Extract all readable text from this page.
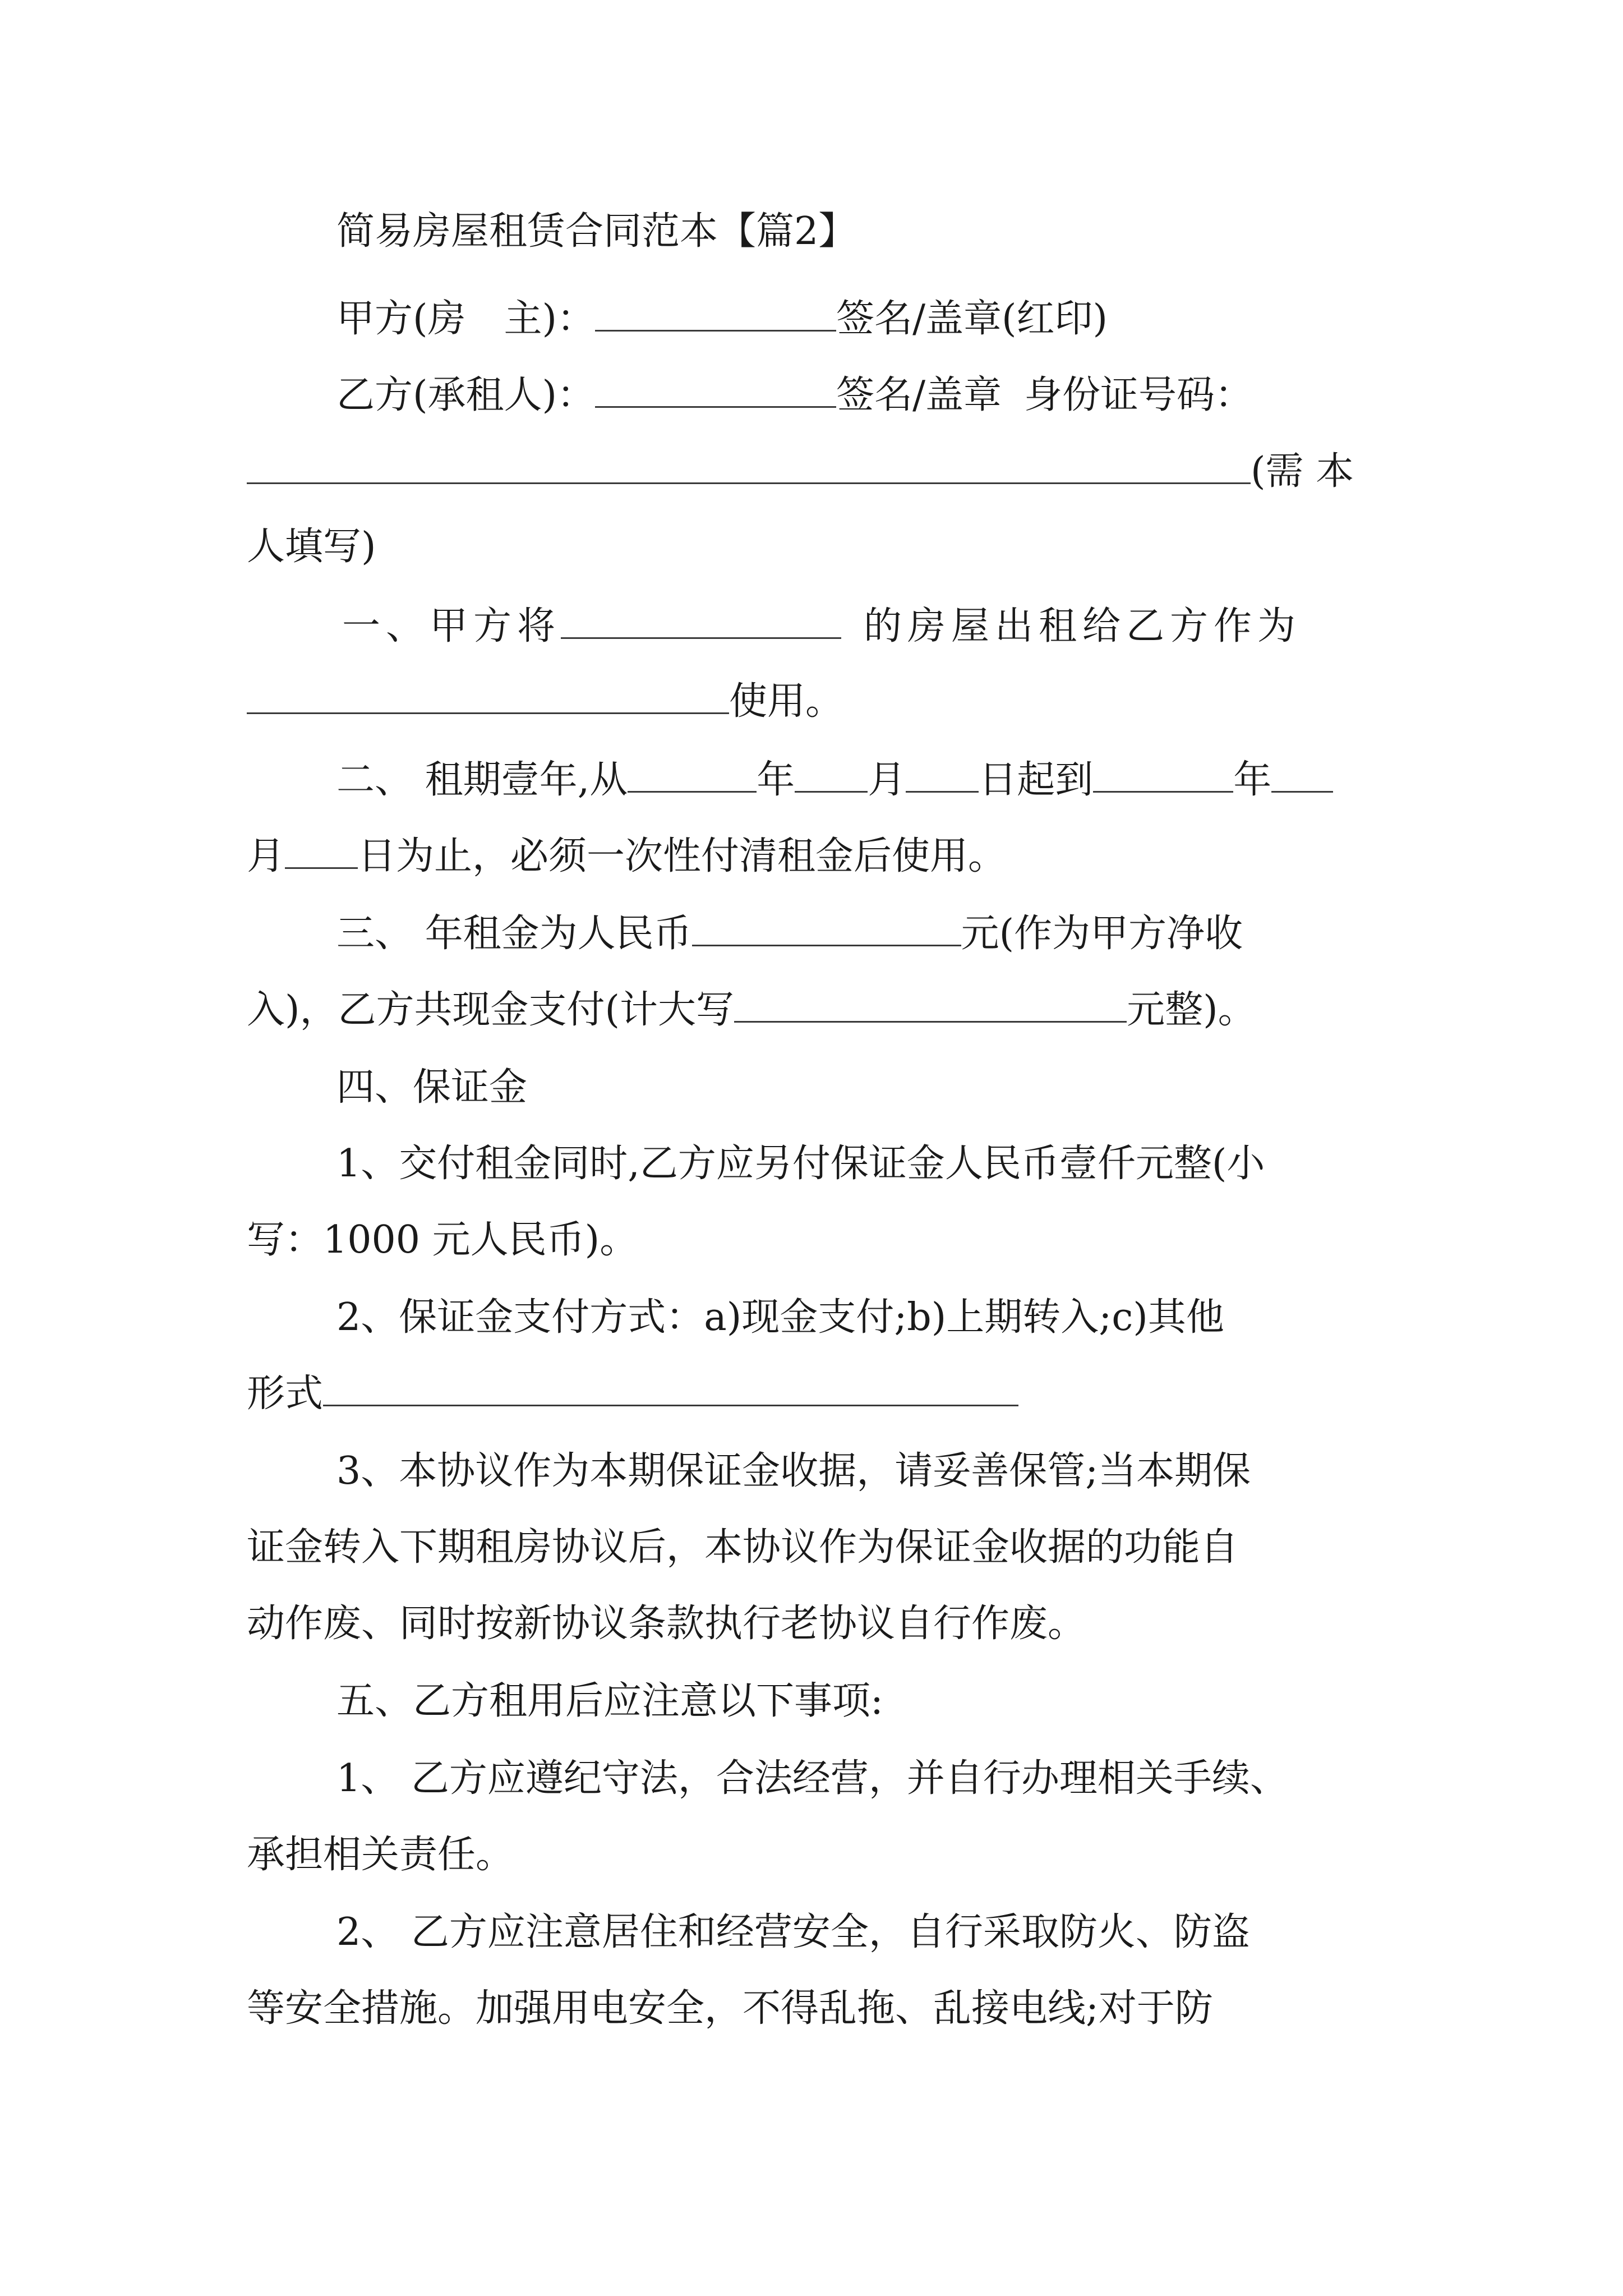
简易房屋租赁合同范本【篇2】
甲方(房　主)：	签名/盖章(红印)
乙方(承租人)：	签名/盖章 身份证号码：
(需 本
人填写)
一、甲方将	的房屋出租给乙方作为
使用。
二、 租期壹年,从	年 月 日起到	年
月 日为止，必须一次性付清租金后使用。
三、 年租金为人民币	元(作为甲方净收
入)，乙方共现金支付(计大写	元整)。
四、保证金
1、交付租金同时,乙方应另付保证金人民币壹仟元整(小
写：1000 元人民币)。
2、保证金支付方式：a)现金支付;b)上期转入;c)其他
形式
3、本协议作为本期保证金收据，请妥善保管;当本期保
证金转入下期租房协议后，本协议作为保证金收据的功能自
动作废、同时按新协议条款执行老协议自行作废。
五、乙方租用后应注意以下事项:
1、 乙方应遵纪守法，合法经营，并自行办理相关手续、
承担相关责任。
2、 乙方应注意居住和经营安全，自行采取防火、防盗
等安全措施。加强用电安全，不得乱拖、乱接电线;对于防
